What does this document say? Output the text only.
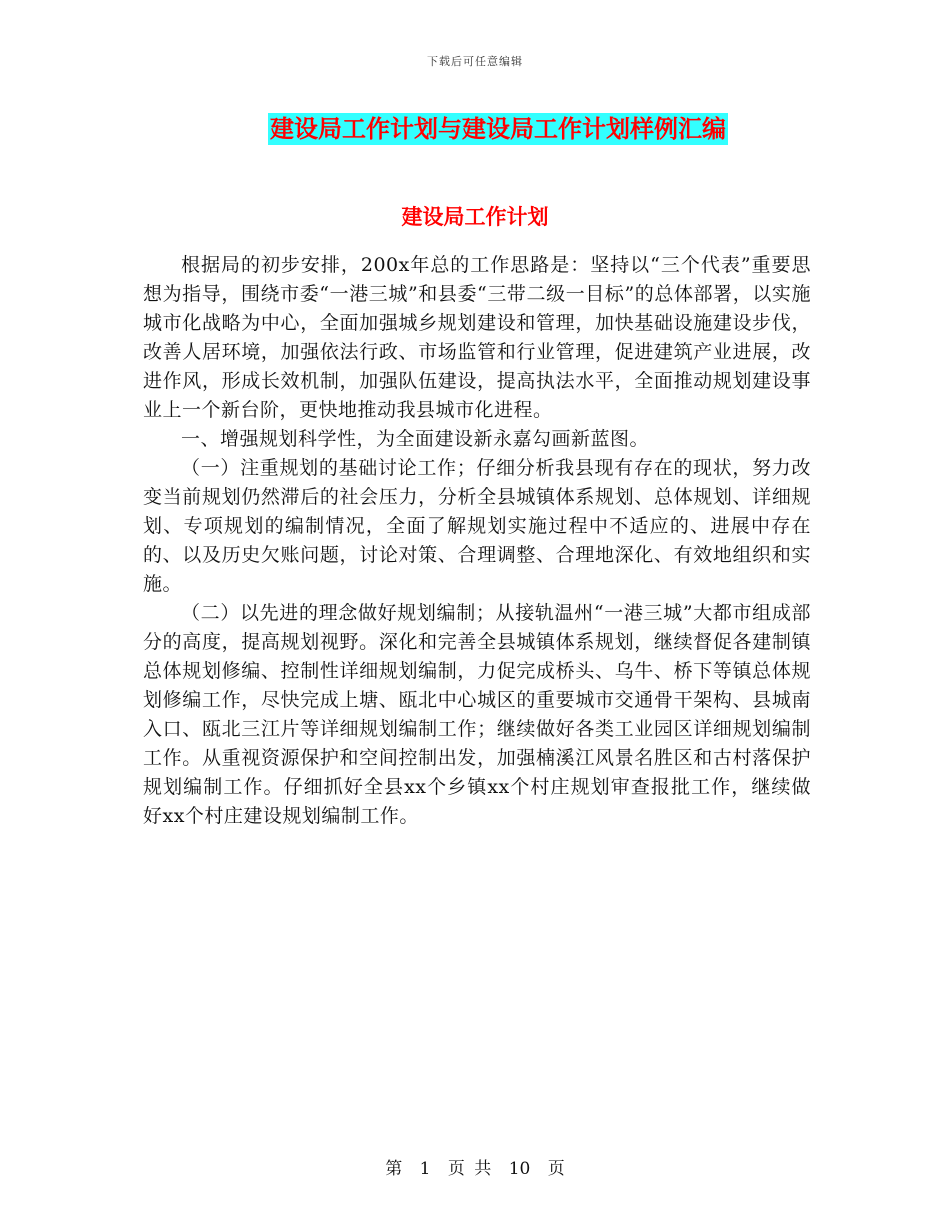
下载后可任意编辑
建设局工作计划与建设局工作计划样例汇编
建设局工作计划

根据局的初步安排，200x年总的工作思路是：坚持以“三个代表”重要思想为指导，围绕市委“一港三城”和县委“三带二级一目标”的总体部署，以实施城市化战略为中心，全面加强城乡规划建设和管理，加快基础设施建设步伐，改善人居环境，加强依法行政、市场监管和行业管理，促进建筑产业进展，改进作风，形成长效机制，加强队伍建设，提高执法水平，全面推动规划建设事业上一个新台阶，更快地推动我县城市化进程。

一、增强规划科学性，为全面建设新永嘉勾画新蓝图。

（一）注重规划的基础讨论工作；仔细分析我县现有存在的现状，努力改变当前规划仍然滞后的社会压力，分析全县城镇体系规划、总体规划、详细规划、专项规划的编制情况，全面了解规划实施过程中不适应的、进展中存在的、以及历史欠账问题，讨论对策、合理调整、合理地深化、有效地组织和实施。

（二）以先进的理念做好规划编制；从接轨温州“一港三城”大都市组成部分的高度，提高规划视野。深化和完善全县城镇体系规划，继续督促各建制镇总体规划修编、控制性详细规划编制，力促完成桥头、乌牛、桥下等镇总体规划修编工作，尽快完成上塘、瓯北中心城区的重要城市交通骨干架构、县城南入口、瓯北三江片等详细规划编制工作；继续做好各类工业园区详细规划编制工作。从重视资源保护和空间控制出发，加强楠溪江风景名胜区和古村落保护规划编制工作。仔细抓好全县xx个乡镇xx个村庄规划审查报批工作，继续做好xx个村庄建设规划编制工作。

第 1 页 共 10 页
